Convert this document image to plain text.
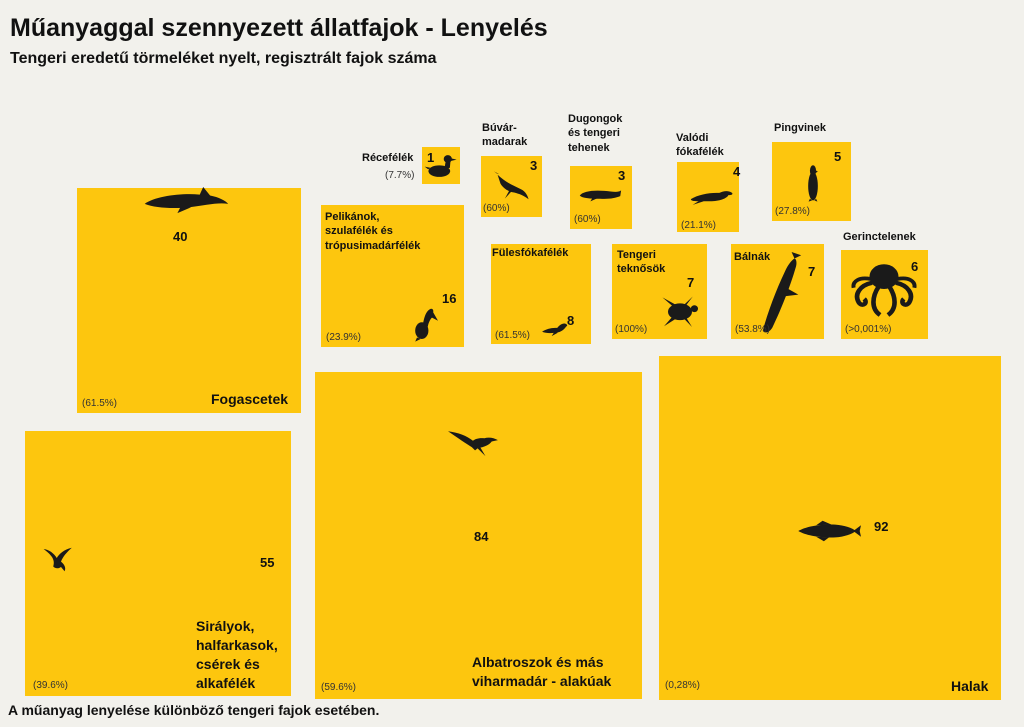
Műanyaggal szennyezett állatfajok - Lenyelés
Tengeri eredetű törmeléket nyelt, regisztrált fajok száma
40
(61.5%)	Fogascetek
1
(7.7%)
Récefélék	3
(60%)
Búvár-
madarak
3
(60%)
Dugongok
és tengeri
tehenek
4
(21.1%)
Valódi
fókafélék	5
(27.8%)
Pingvinek
16
(23.9%)
Pelikánok,
szulafélék és
trópusimadárfélék
8
(61.5%)
Fülesfókafélék
7
(100%)
Tengeri
teknősök	7
(53.8%)
Bálnák
6
(>0,001%)
Gerinctelenek
55
(39.6%)
Sirályok,
halfarkasok,
csérek és
alkafélék
84
(59.6%)
Albatroszok és más
viharmadár - alakúak
92
(0,28%)	Halak

A műanyag lenyelése különböző tengeri fajok esetében.
